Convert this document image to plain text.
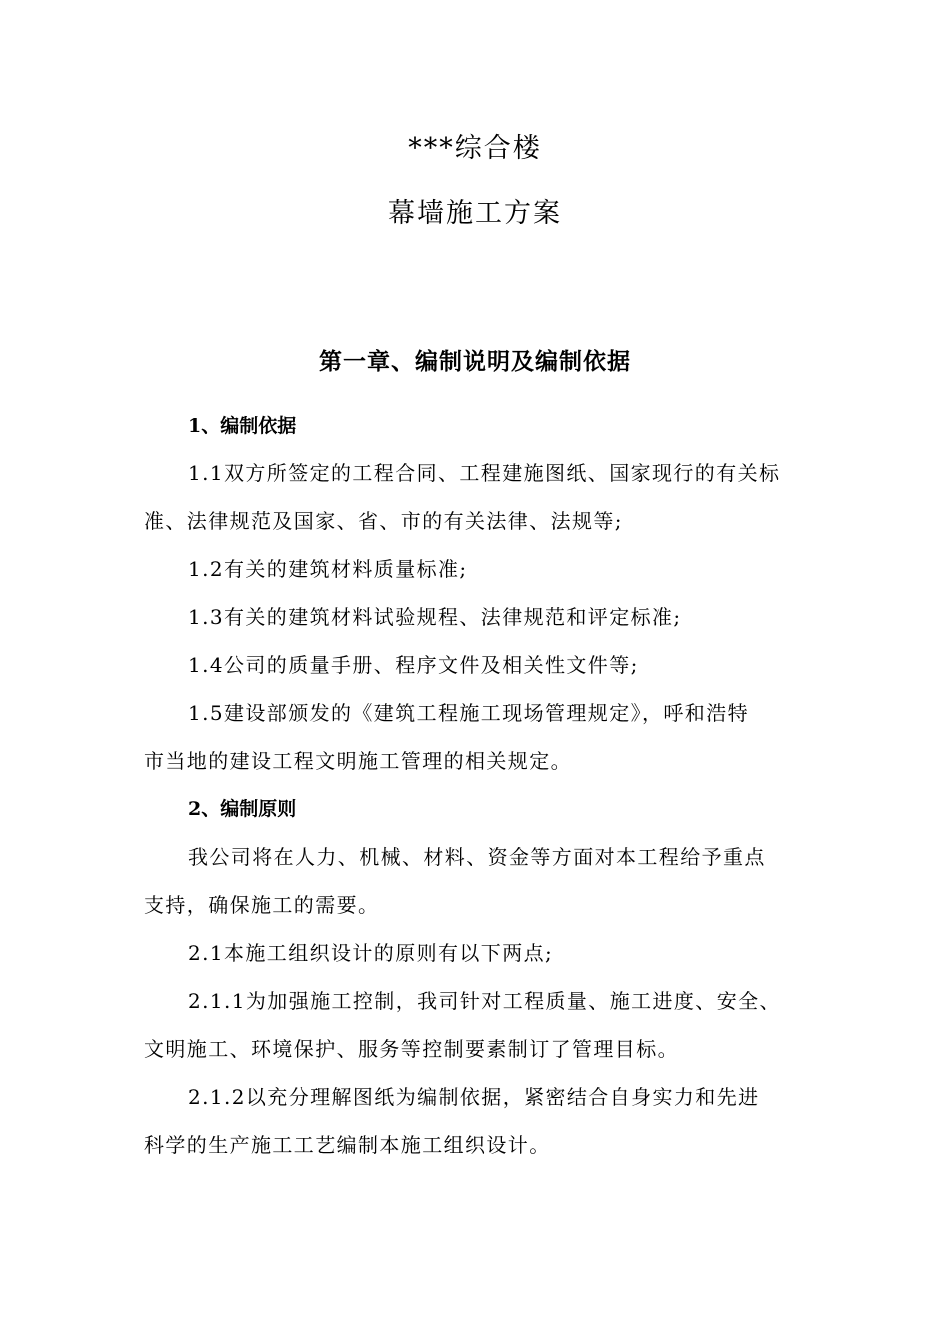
***综合楼
幕墙施工方案
第一章、编制说明及编制依据
1、编制依据
1.1双方所签定的工程合同、工程建施图纸、国家现行的有关标
准、法律规范及国家、省、市的有关法律、法规等;
1.2有关的建筑材料质量标准;
1.3有关的建筑材料试验规程、法律规范和评定标准;
1.4公司的质量手册、程序文件及相关性文件等;
1.5建设部颁发的《建筑工程施工现场管理规定》，呼和浩特
市当地的建设工程文明施工管理的相关规定。
2、编制原则
我公司将在人力、机械、材料、资金等方面对本工程给予重点
支持，确保施工的需要。
2.1本施工组织设计的原则有以下两点;
2.1.1为加强施工控制，我司针对工程质量、施工进度、安全、
文明施工、环境保护、服务等控制要素制订了管理目标。
2.1.2以充分理解图纸为编制依据，紧密结合自身实力和先进
科学的生产施工工艺编制本施工组织设计。
